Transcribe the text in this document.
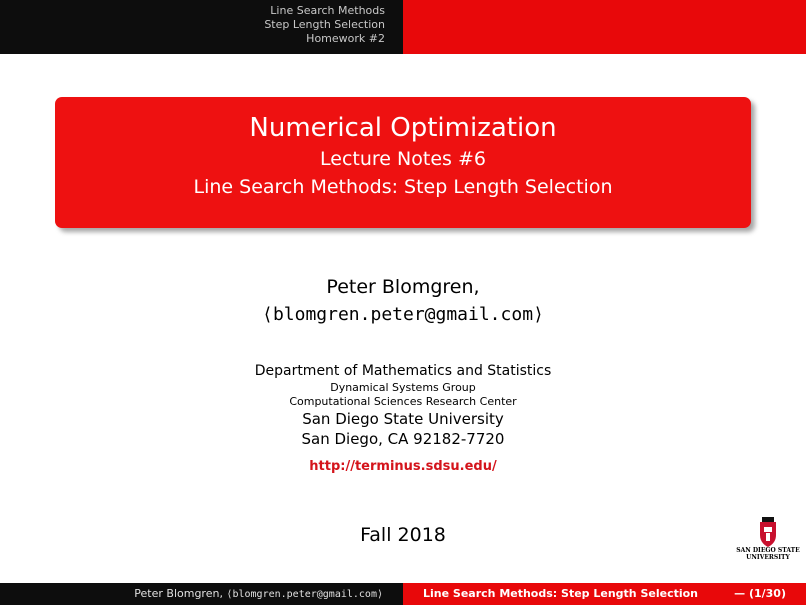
Line Search Methods
Step Length Selection
Homework #2
Numerical Optimization
Lecture Notes #6
Line Search Methods: Step Length Selection
Peter Blomgren,
⟨blomgren.peter@gmail.com⟩
Department of Mathematics and Statistics
Dynamical Systems Group
Computational Sciences Research Center
San Diego State University
San Diego, CA 92182-7720
http://terminus.sdsu.edu/
Fall 2018
SAN DIEGO STATE
UNIVERSITY
Peter Blomgren, ⟨blomgren.peter@gmail.com⟩	Line Search Methods: Step Length Selection	— (1/30)
